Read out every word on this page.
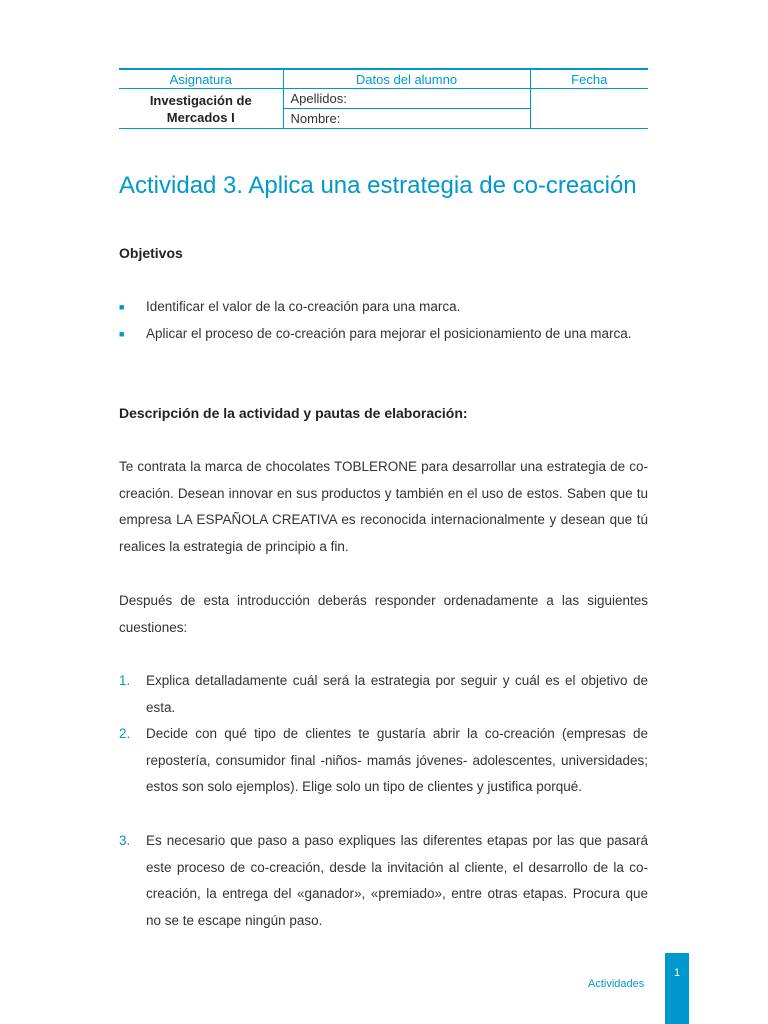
Asignatura	Datos del alumno	Fecha
Investigación de
Mercados I	Apellidos:	
	Nombre:	
Actividad 3. Aplica una estrategia de co-creación
Objetivos
■	Identificar el valor de la co-creación para una marca.
■	Aplicar el proceso de co-creación para mejorar el posicionamiento de una marca.
Descripción de la actividad y pautas de elaboración:

Te contrata la marca de chocolates TOBLERONE para desarrollar una estrategia de co-creación. Desean innovar en sus productos y también en el uso de estos. Saben que tu empresa LA ESPAÑOLA CREATIVA es reconocida internacionalmente y desean que tú realices la estrategia de principio a fin.

Después de esta introducción deberás responder ordenadamente a las siguientes cuestiones:

1.	Explica detalladamente cuál será la estrategia por seguir y cuál es el objetivo de esta.
2.	Decide con qué tipo de clientes te gustaría abrir la co-creación (empresas de repostería, consumidor final -niños- mamás jóvenes- adolescentes, universidades; estos son solo ejemplos). Elige solo un tipo de clientes y justifica porqué.
3.	Es necesario que paso a paso expliques las diferentes etapas por las que pasará este proceso de co-creación, desde la invitación al cliente, el desarrollo de la co-creación, la entrega del «ganador», «premiado», entre otras etapas. Procura que no se te escape ningún paso.
Actividades
1
